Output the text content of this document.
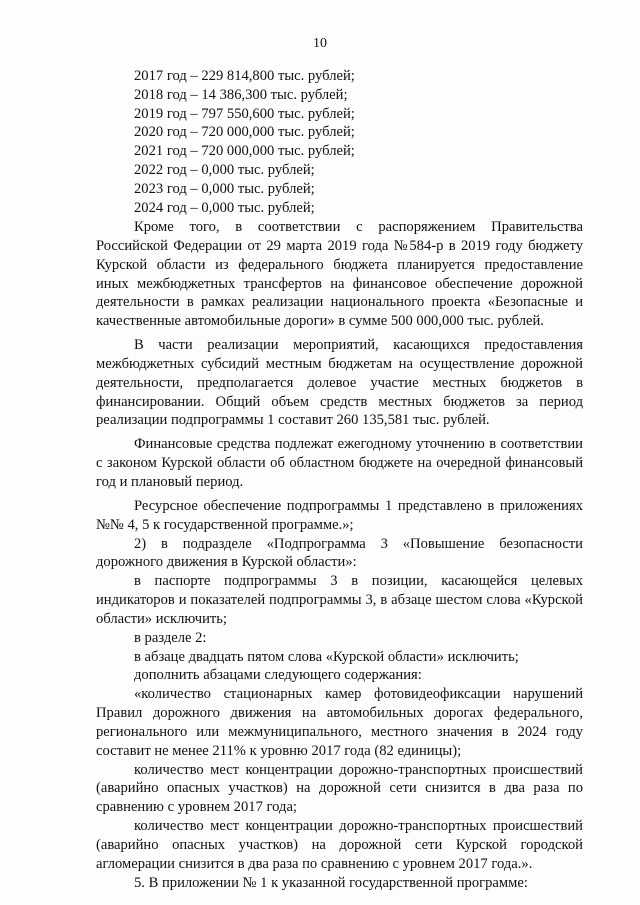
10
2017 год – 229 814,800 тыс. рублей;
2018 год – 14 386,300 тыс. рублей;
2019 год – 797 550,600 тыс. рублей;
2020 год – 720 000,000 тыс. рублей;
2021 год – 720 000,000 тыс. рублей;
2022 год – 0,000 тыс. рублей;
2023 год – 0,000 тыс. рублей;
2024 год – 0,000 тыс. рублей;

Кроме того, в соответствии с распоряжением Правительства Российской Федерации от 29 марта 2019 года №584-р в 2019 году бюджету Курской области из федерального бюджета планируется предоставление иных межбюджетных трансфертов на финансовое обеспечение дорожной деятельности в рамках реализации национального проекта «Безопасные и качественные автомобильные дороги» в сумме 500 000,000 тыс. рублей.

В части реализации мероприятий, касающихся предоставления межбюджетных субсидий местным бюджетам на осуществление дорожной деятельности, предполагается долевое участие местных бюджетов в финансировании. Общий объем средств местных бюджетов за период реализации подпрограммы 1 составит 260 135,581 тыс. рублей.

Финансовые средства подлежат ежегодному уточнению в соответствии с законом Курской области об областном бюджете на очередной финансовый год и плановый период.

Ресурсное обеспечение подпрограммы 1 представлено в приложениях №№ 4, 5 к государственной программе.»;

2) в подразделе «Подпрограмма 3 «Повышение безопасности дорожного движения в Курской области»:

в паспорте подпрограммы 3 в позиции, касающейся целевых индикаторов и показателей подпрограммы 3, в абзаце шестом слова «Курской области» исключить;

в разделе 2:

в абзаце двадцать пятом слова «Курской области» исключить;

дополнить абзацами следующего содержания:

«количество стационарных камер фотовидеофиксации нарушений Правил дорожного движения на автомобильных дорогах федерального, регионального или межмуниципального, местного значения в 2024 году составит не менее 211% к уровню 2017 года (82 единицы);

количество мест концентрации дорожно-транспортных происшествий (аварийно опасных участков) на дорожной сети снизится в два раза по сравнению с уровнем 2017 года;

количество мест концентрации дорожно-транспортных происшествий (аварийно опасных участков) на дорожной сети Курской городской агломерации снизится в два раза по сравнению с уровнем 2017 года.».

5. В приложении № 1 к указанной государственной программе:
